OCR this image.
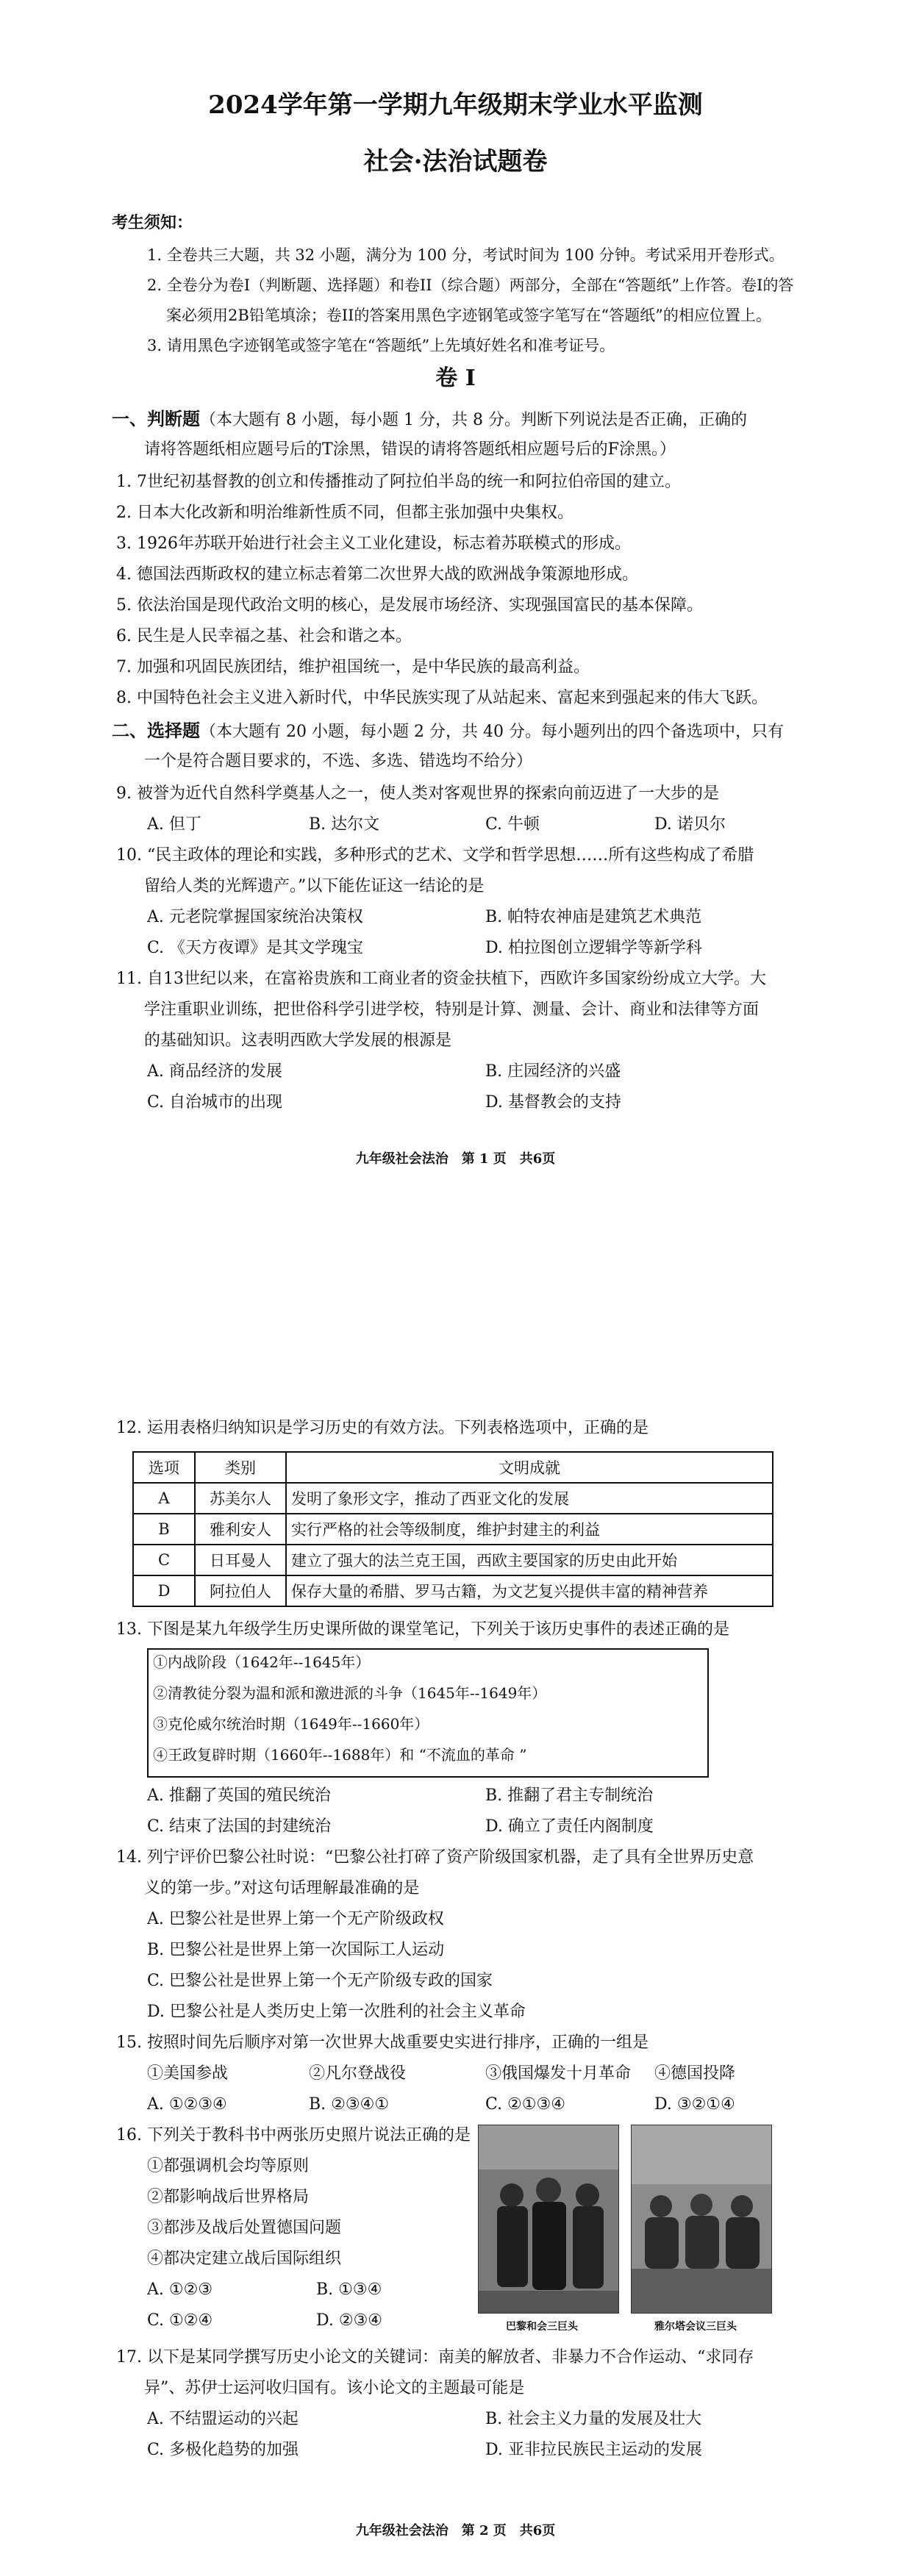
2024学年第一学期九年级期末学业水平监测
社会·法治试题卷
考生须知：
1. 全卷共三大题，共 32 小题，满分为 100 分，考试时间为 100 分钟。考试采用开卷形式。
2. 全卷分为卷I（判断题、选择题）和卷II（综合题）两部分，全部在“答题纸”上作答。卷I的答
案必须用2B铅笔填涂；卷II的答案用黑色字迹钢笔或签字笔写在“答题纸”的相应位置上。
3. 请用黑色字迹钢笔或签字笔在“答题纸”上先填好姓名和准考证号。
卷 I
一、判断题（本大题有 8 小题，每小题 1 分，共 8 分。判断下列说法是否正确，正确的
请将答题纸相应题号后的T涂黑，错误的请将答题纸相应题号后的F涂黑。）
1. 7世纪初基督教的创立和传播推动了阿拉伯半岛的统一和阿拉伯帝国的建立。
2. 日本大化改新和明治维新性质不同，但都主张加强中央集权。
3. 1926年苏联开始进行社会主义工业化建设，标志着苏联模式的形成。
4. 德国法西斯政权的建立标志着第二次世界大战的欧洲战争策源地形成。
5. 依法治国是现代政治文明的核心，是发展市场经济、实现强国富民的基本保障。
6. 民生是人民幸福之基、社会和谐之本。
7. 加强和巩固民族团结，维护祖国统一，是中华民族的最高利益。
8. 中国特色社会主义进入新时代，中华民族实现了从站起来、富起来到强起来的伟大飞跃。
二、选择题（本大题有 20 小题，每小题 2 分，共 40 分。每小题列出的四个备选项中，只有
一个是符合题目要求的，不选、多选、错选均不给分）
9. 被誉为近代自然科学奠基人之一，使人类对客观世界的探索向前迈进了一大步的是
A. 但丁	B. 达尔文	C. 牛顿	D. 诺贝尔
10. “民主政体的理论和实践，多种形式的艺术、文学和哲学思想……所有这些构成了希腊
留给人类的光辉遗产。”以下能佐证这一结论的是
A. 元老院掌握国家统治决策权	B. 帕特农神庙是建筑艺术典范
C. 《天方夜谭》是其文学瑰宝	D. 柏拉图创立逻辑学等新学科
11. 自13世纪以来，在富裕贵族和工商业者的资金扶植下，西欧许多国家纷纷成立大学。大
学注重职业训练，把世俗科学引进学校，特别是计算、测量、会计、商业和法律等方面
的基础知识。这表明西欧大学发展的根源是
A. 商品经济的发展	B. 庄园经济的兴盛
C. 自治城市的出现	D. 基督教会的支持
九年级社会法治　第 1 页　共6页
12. 运用表格归纳知识是学习历史的有效方法。下列表格选项中，正确的是
选项	类别	文明成就
A	苏美尔人	发明了象形文字，推动了西亚文化的发展
B	雅利安人	实行严格的社会等级制度，维护封建主的利益
C	日耳曼人	建立了强大的法兰克王国，西欧主要国家的历史由此开始
D	阿拉伯人	保存大量的希腊、罗马古籍，为文艺复兴提供丰富的精神营养
13. 下图是某九年级学生历史课所做的课堂笔记，下列关于该历史事件的表述正确的是
①内战阶段（1642年--1645年）
②清教徒分裂为温和派和激进派的斗争（1645年--1649年）
③克伦威尔统治时期（1649年--1660年）
④王政复辟时期（1660年--1688年）和 “不流血的革命 ”
A. 推翻了英国的殖民统治	B. 推翻了君主专制统治
C. 结束了法国的封建统治	D. 确立了责任内阁制度
14. 列宁评价巴黎公社时说：“巴黎公社打碎了资产阶级国家机器，走了具有全世界历史意
义的第一步。”对这句话理解最准确的是
A. 巴黎公社是世界上第一个无产阶级政权
B. 巴黎公社是世界上第一次国际工人运动
C. 巴黎公社是世界上第一个无产阶级专政的国家
D. 巴黎公社是人类历史上第一次胜利的社会主义革命
15. 按照时间先后顺序对第一次世界大战重要史实进行排序，正确的一组是
①美国参战	②凡尔登战役	③俄国爆发十月革命 ④德国投降
A. ①②③④	B. ②③④①	C. ②①③④	D. ③②①④
16. 下列关于教科书中两张历史照片说法正确的是
①都强调机会均等原则
②都影响战后世界格局
③都涉及战后处置德国问题
④都决定建立战后国际组织
A. ①②③	B. ①③④
C. ①②④	D. ②③④	巴黎和会三巨头	雅尔塔会议三巨头
17. 以下是某同学撰写历史小论文的关键词：南美的解放者、非暴力不合作运动、“求同存
异”、苏伊士运河收归国有。该小论文的主题最可能是
A. 不结盟运动的兴起	B. 社会主义力量的发展及壮大
C. 多极化趋势的加强	D. 亚非拉民族民主运动的发展
九年级社会法治　第 2 页　共6页
